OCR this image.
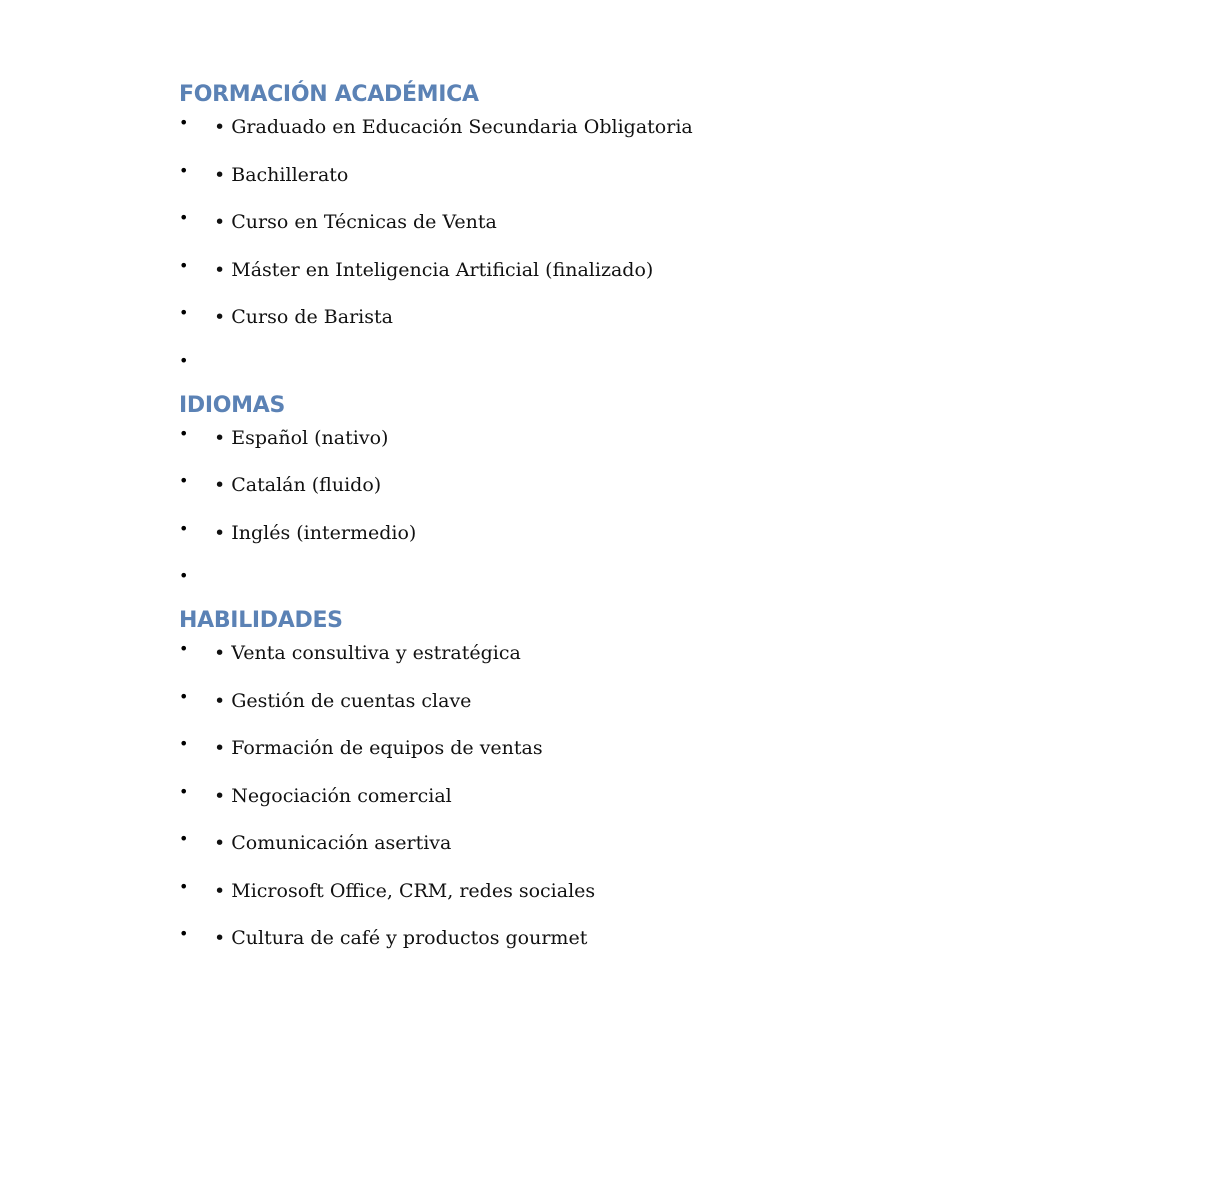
FORMACIÓN ACADÉMICA
• • Graduado en Educación Secundaria Obligatoria
• • Bachillerato
• • Curso en Técnicas de Venta
• • Máster en Inteligencia Artificial (finalizado)
• • Curso de Barista
•
IDIOMAS
• • Español (nativo)
• • Catalán (fluido)
• • Inglés (intermedio)
•
HABILIDADES
• • Venta consultiva y estratégica
• • Gestión de cuentas clave
• • Formación de equipos de ventas
• • Negociación comercial
• • Comunicación asertiva
• • Microsoft Office, CRM, redes sociales
• • Cultura de café y productos gourmet
